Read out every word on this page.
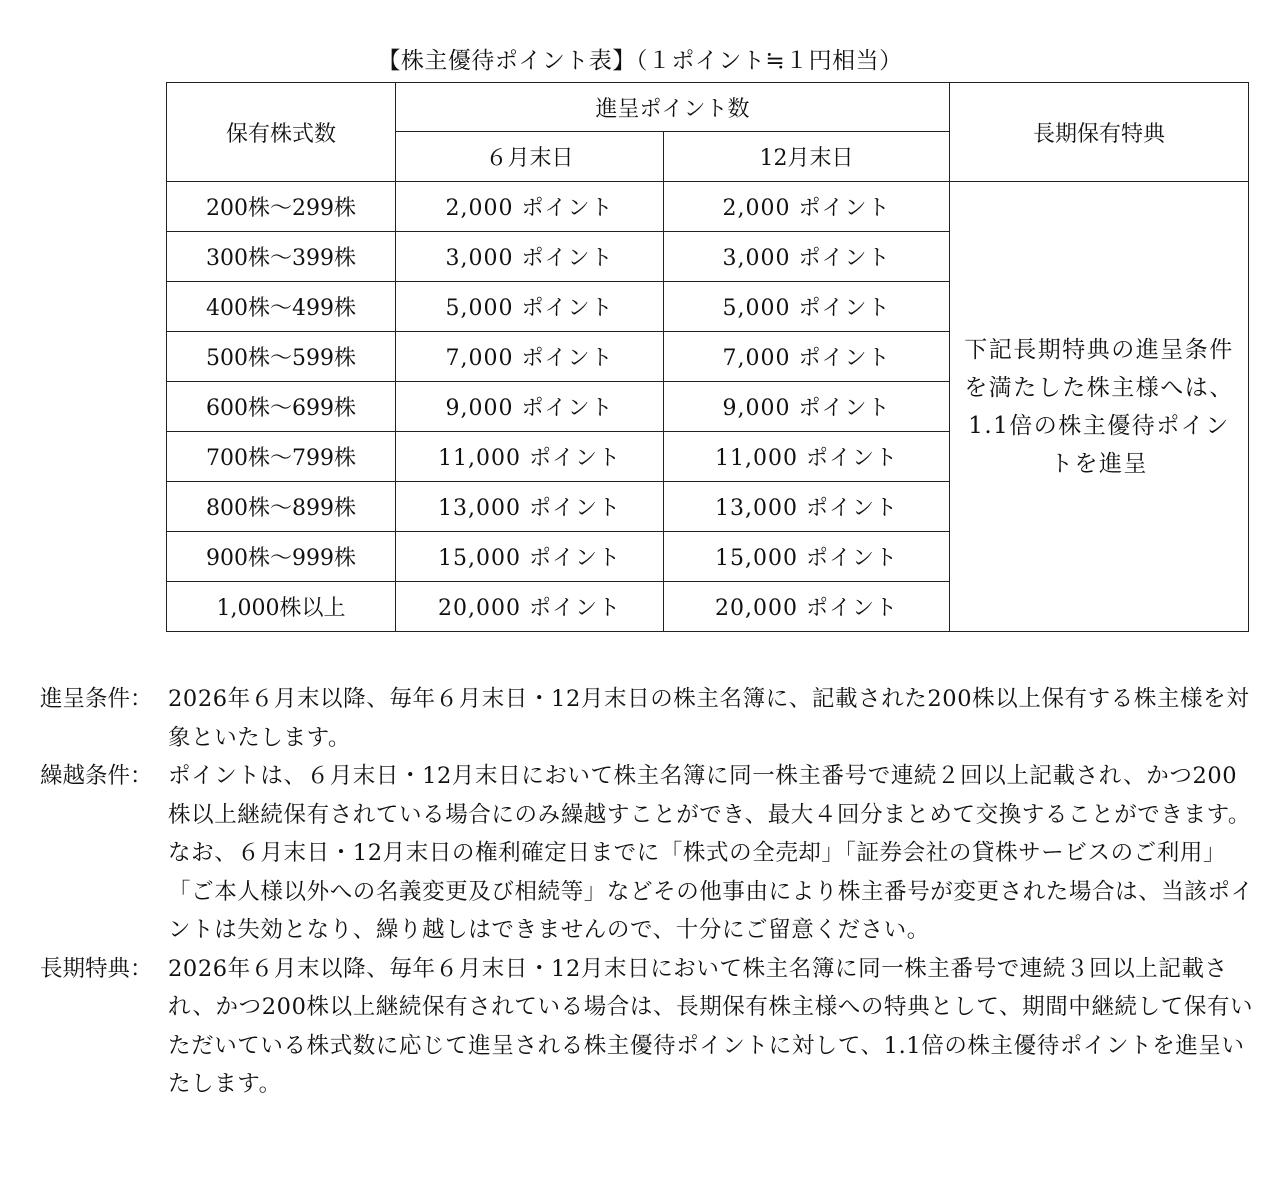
【株主優待ポイント表】（１ポイント≒１円相当）
保有株式数	進呈ポイント数		長期保有特典
	６月末日	12月末日	
200株～299株	2,000 ポイント	2,000 ポイント	下記長期特典の進呈条件を満たした株主様へは、1.1倍の株主優待ポイントを進呈
300株～399株	3,000 ポイント	3,000 ポイント	
400株～499株	5,000 ポイント	5,000 ポイント	
500株～599株	7,000 ポイント	7,000 ポイント	
600株～699株	9,000 ポイント	9,000 ポイント	
700株～799株	11,000 ポイント	11,000 ポイント	
800株～899株	13,000 ポイント	13,000 ポイント	
900株～999株	15,000 ポイント	15,000 ポイント	
1,000株以上	20,000 ポイント	20,000 ポイント	
進呈条件： 2026年６月末以降、毎年６月末日・12月末日の株主名簿に、記載された200株以上保有する株主様を対象といたします。

繰越条件： ポイントは、６月末日・12月末日において株主名簿に同一株主番号で連続２回以上記載され、かつ200株以上継続保有されている場合にのみ繰越すことができ、最大４回分まとめて交換することができます。

なお、６月末日・12月末日の権利確定日までに「株式の全売却」「証券会社の貸株サービスのご利用」「ご本人様以外への名義変更及び相続等」などその他事由により株主番号が変更された場合は、当該ポイントは失効となり、繰り越しはできませんので、十分にご留意ください。

長期特典： 2026年６月末以降、毎年６月末日・12月末日において株主名簿に同一株主番号で連続３回以上記載され、かつ200株以上継続保有されている場合は、長期保有株主様への特典として、期間中継続して保有いただいている株式数に応じて進呈される株主優待ポイントに対して、1.1倍の株主優待ポイントを進呈いたします。
